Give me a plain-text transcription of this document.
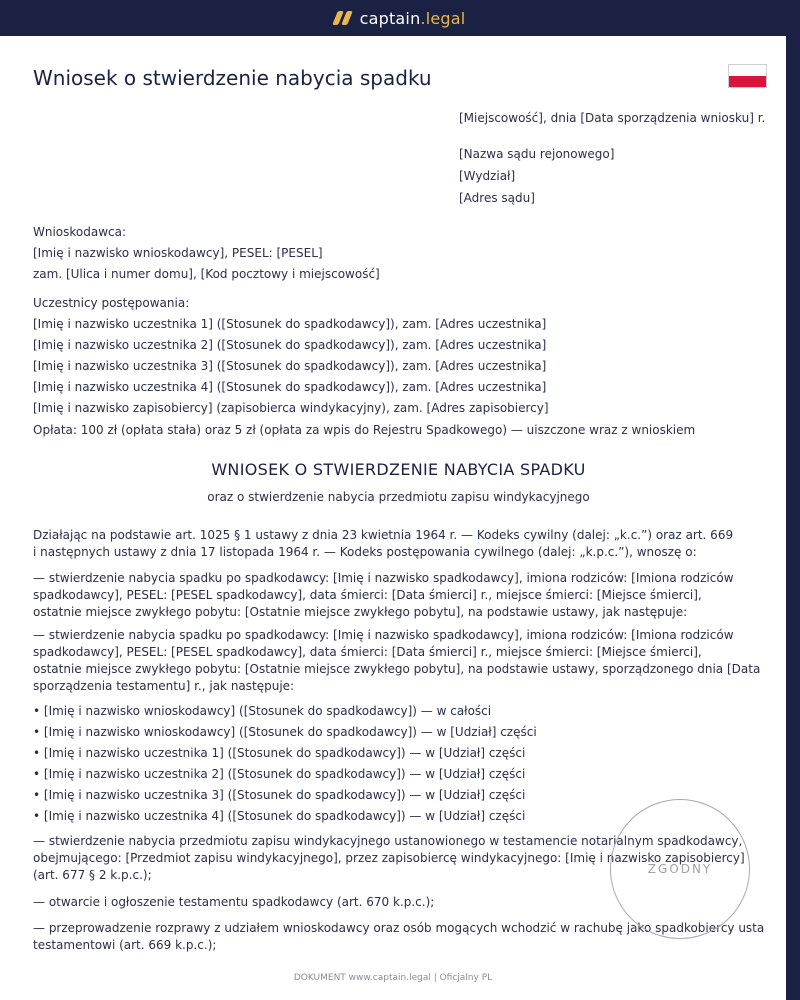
captain.legal
Wniosek o stwierdzenie nabycia spadku
[Miejscowość], dnia [Data sporządzenia wniosku] r.
[Nazwa sądu rejonowego]
[Wydział]
[Adres sądu]
Wnioskodawca:
[Imię i nazwisko wnioskodawcy], PESEL: [PESEL]
zam. [Ulica i numer domu], [Kod pocztowy i miejscowość]
Uczestnicy postępowania:
[Imię i nazwisko uczestnika 1] ([Stosunek do spadkodawcy]), zam. [Adres uczestnika]
[Imię i nazwisko uczestnika 2] ([Stosunek do spadkodawcy]), zam. [Adres uczestnika]
[Imię i nazwisko uczestnika 3] ([Stosunek do spadkodawcy]), zam. [Adres uczestnika]
[Imię i nazwisko uczestnika 4] ([Stosunek do spadkodawcy]), zam. [Adres uczestnika]
[Imię i nazwisko zapisobiercy] (zapisobierca windykacyjny), zam. [Adres zapisobiercy]
Opłata: 100 zł (opłata stała) oraz 5 zł (opłata za wpis do Rejestru Spadkowego) — uiszczone wraz z wnioskiem
WNIOSEK O STWIERDZENIE NABYCIA SPADKU
oraz o stwierdzenie nabycia przedmiotu zapisu windykacyjnego
Działając na podstawie art. 1025 § 1 ustawy z dnia 23 kwietnia 1964 r. — Kodeks cywilny (dalej: „k.c.”) oraz art. 669
i następnych ustawy z dnia 17 listopada 1964 r. — Kodeks postępowania cywilnego (dalej: „k.p.c.”), wnoszę o:
— stwierdzenie nabycia spadku po spadkodawcy: [Imię i nazwisko spadkodawcy], imiona rodziców: [Imiona rodziców
spadkodawcy], PESEL: [PESEL spadkodawcy], data śmierci: [Data śmierci] r., miejsce śmierci: [Miejsce śmierci],
ostatnie miejsce zwykłego pobytu: [Ostatnie miejsce zwykłego pobytu], na podstawie ustawy, jak następuje:
— stwierdzenie nabycia spadku po spadkodawcy: [Imię i nazwisko spadkodawcy], imiona rodziców: [Imiona rodziców
spadkodawcy], PESEL: [PESEL spadkodawcy], data śmierci: [Data śmierci] r., miejsce śmierci: [Miejsce śmierci],
ostatnie miejsce zwykłego pobytu: [Ostatnie miejsce zwykłego pobytu], na podstawie ustawy, sporządzonego dnia [Data
sporządzenia testamentu] r., jak następuje:
• [Imię i nazwisko wnioskodawcy] ([Stosunek do spadkodawcy]) — w całości
• [Imię i nazwisko wnioskodawcy] ([Stosunek do spadkodawcy]) — w [Udział] części
• [Imię i nazwisko uczestnika 1] ([Stosunek do spadkodawcy]) — w [Udział] części
• [Imię i nazwisko uczestnika 2] ([Stosunek do spadkodawcy]) — w [Udział] części
• [Imię i nazwisko uczestnika 3] ([Stosunek do spadkodawcy]) — w [Udział] części
• [Imię i nazwisko uczestnika 4] ([Stosunek do spadkodawcy]) — w [Udział] części
— stwierdzenie nabycia przedmiotu zapisu windykacyjnego ustanowionego w testamencie notarialnym spadkodawcy,
obejmującego: [Przedmiot zapisu windykacyjnego], przez zapisobiercę windykacyjnego: [Imię i nazwisko zapisobiercy]
(art. 677 § 2 k.p.c.);
— otwarcie i ogłoszenie testamentu spadkodawcy (art. 670 k.p.c.);
— przeprowadzenie rozprawy z udziałem wnioskodawcy oraz osób mogących wchodzić w rachubę jako spadkobiercy usta
testamentowi (art. 669 k.p.c.);
ZGODNY
DOKUMENT www.captain.legal | Oficjalny PL
